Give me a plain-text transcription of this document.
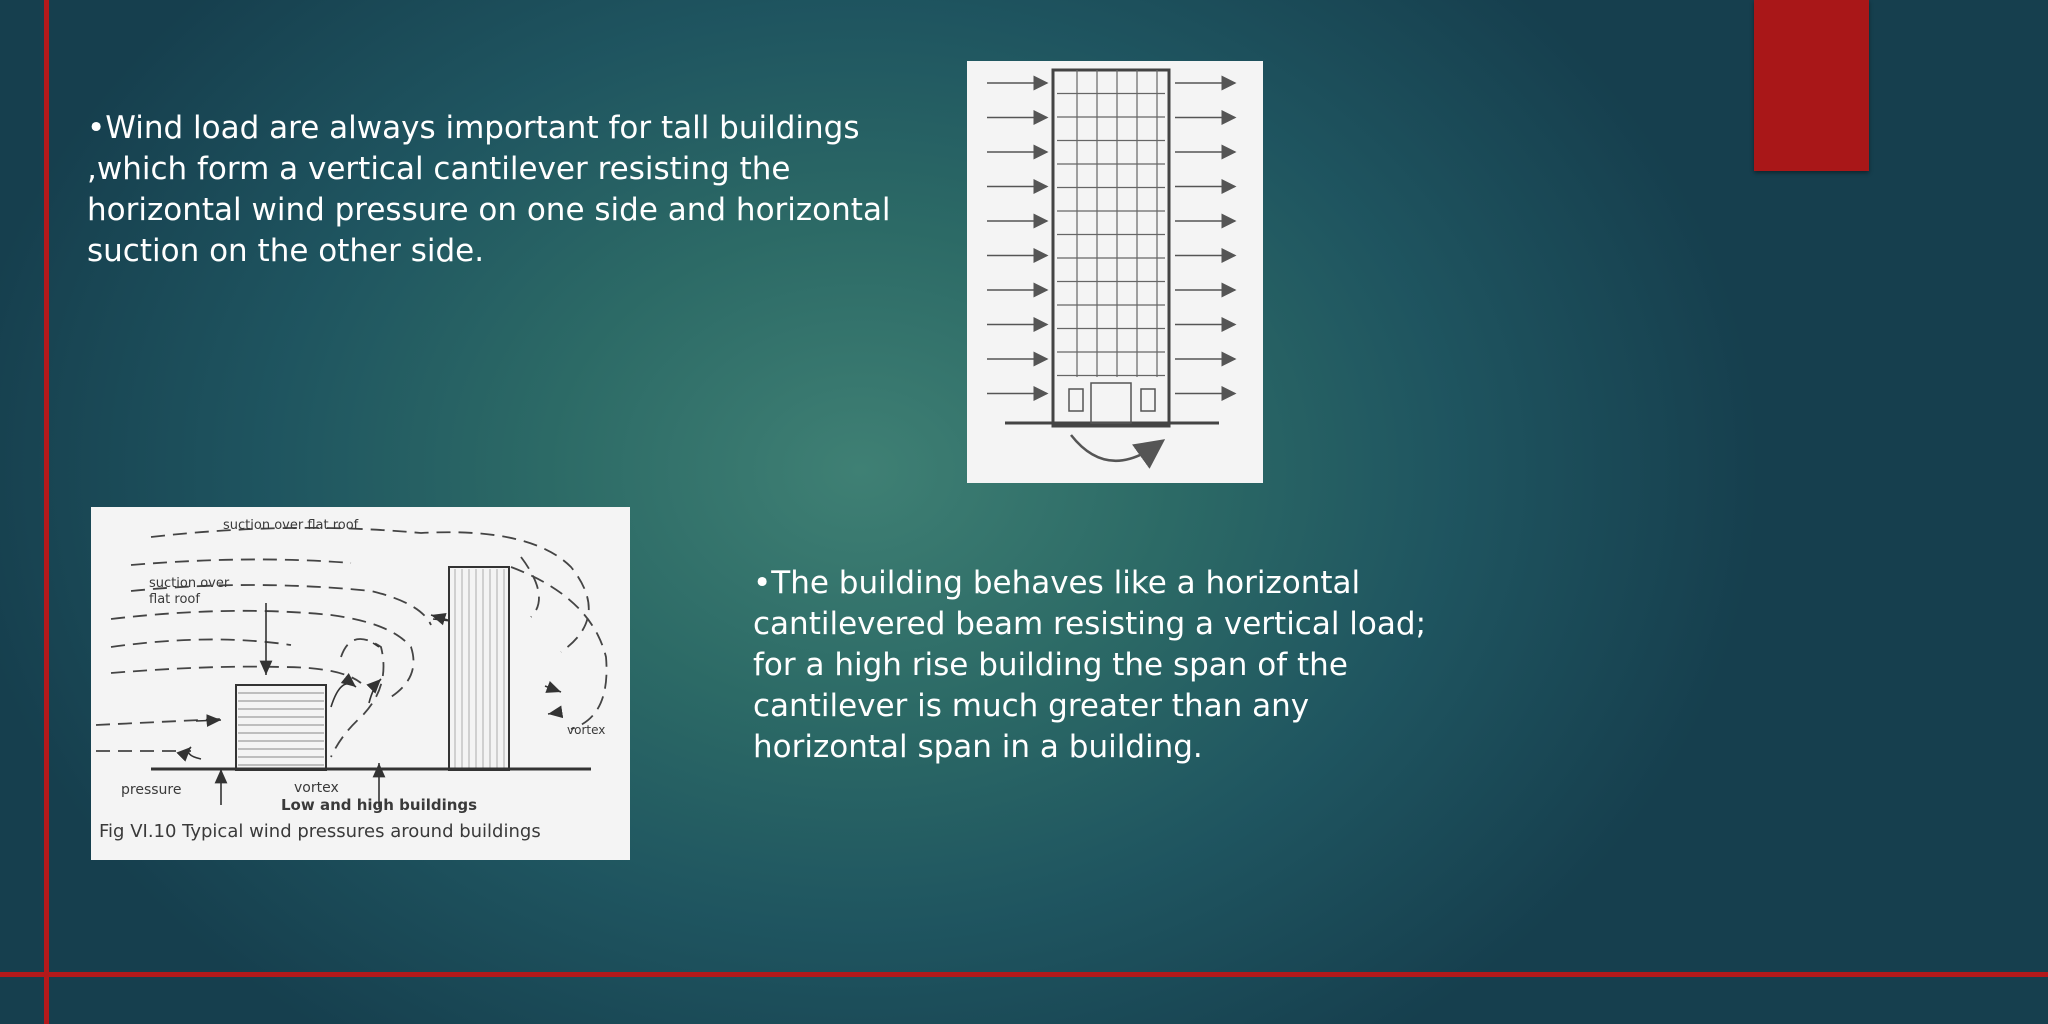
•Wind load are always important for tall buildings ,which form a vertical cantilever resisting the horizontal wind pressure on one side and horizontal suction on the other side.
•The building behaves like a horizontal cantilevered beam resisting a vertical load; for a high rise building the span of the cantilever is much greater than any horizontal span in a building.
suction over flat roof
suction over
flat roof
vortex
pressure	vortex
Low and high buildings
Fig VI.10 Typical wind pressures around buildings
